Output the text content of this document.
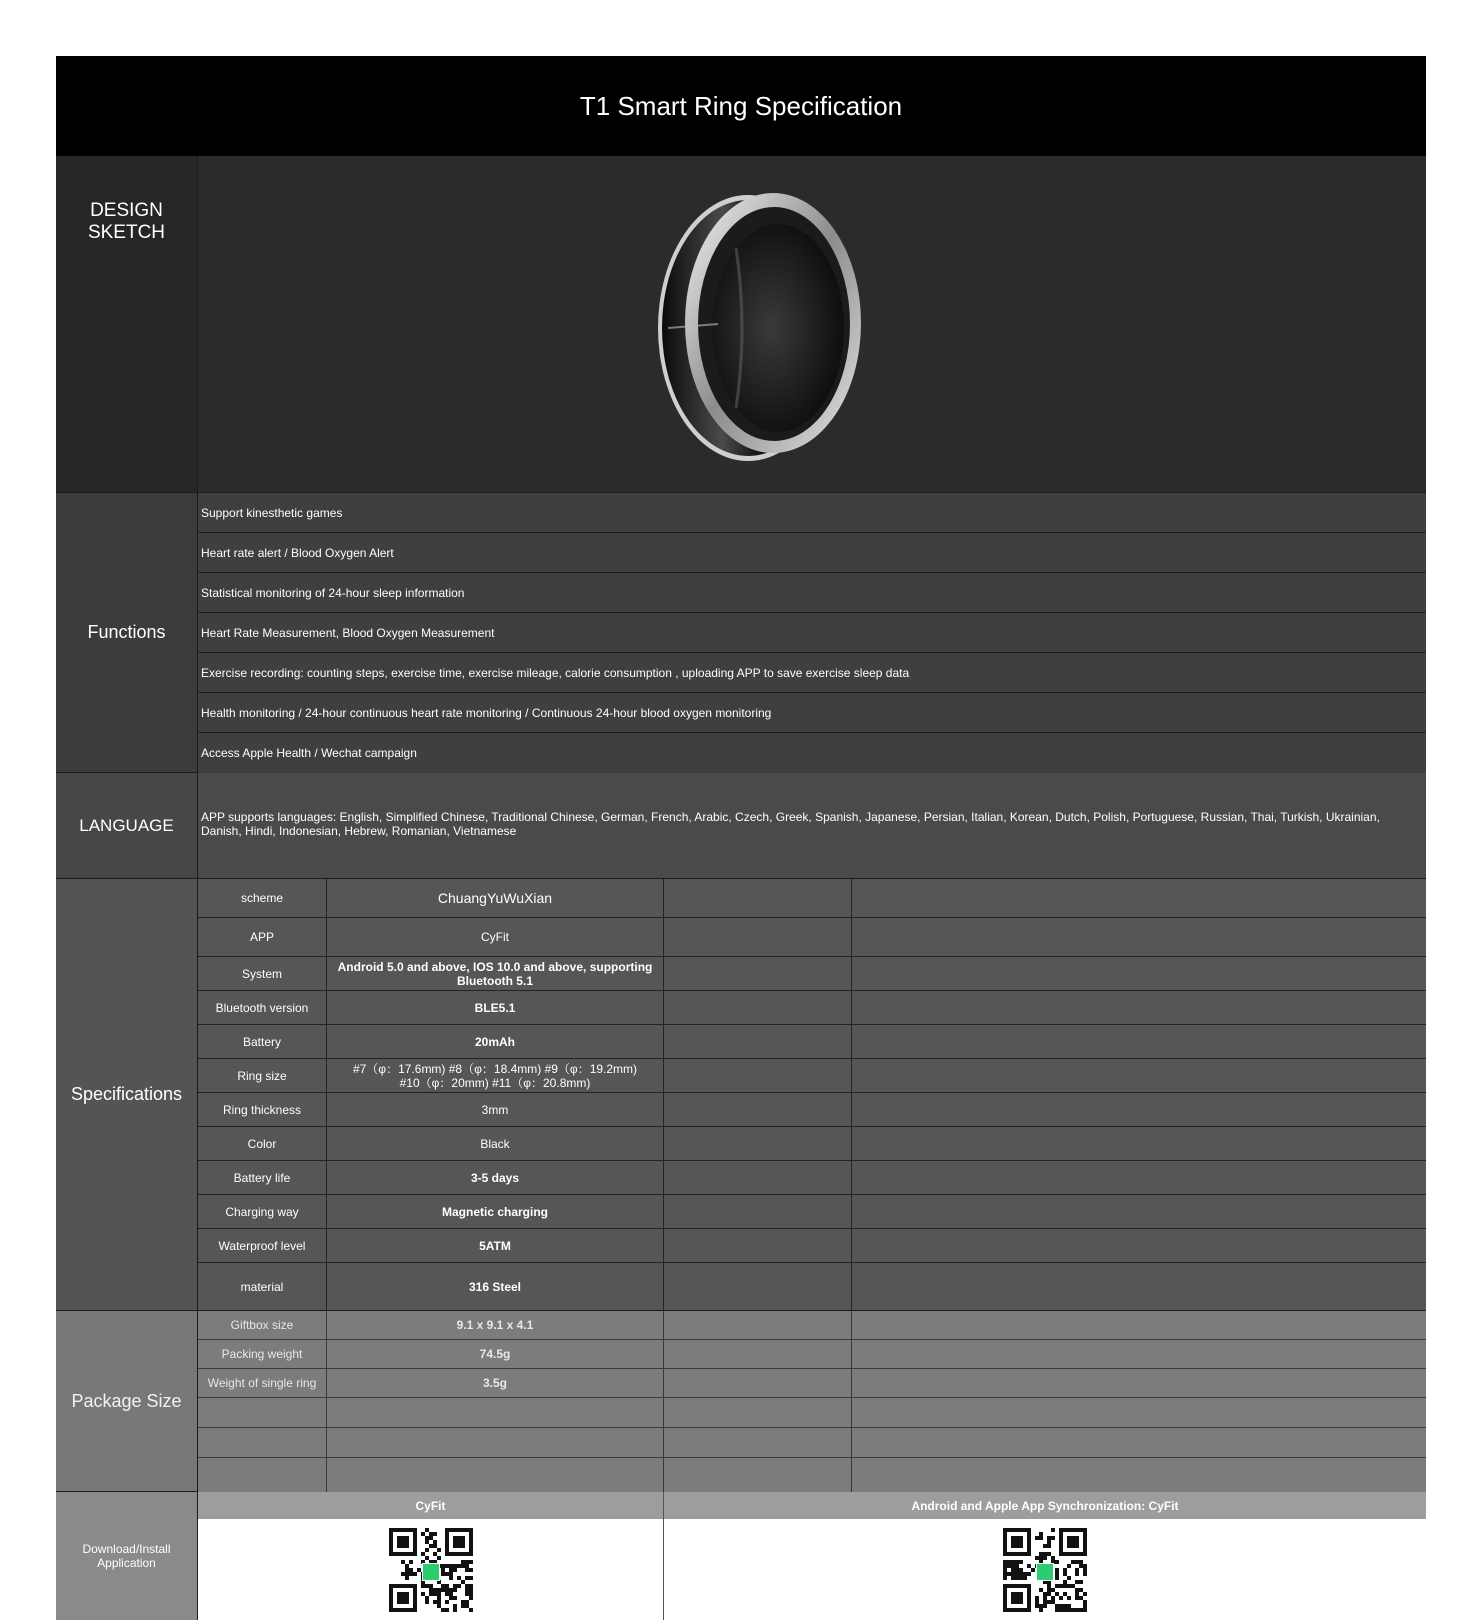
T1 Smart Ring Specification
DESIGN
SKETCH
Functions
Support kinesthetic games
Heart rate alert / Blood Oxygen Alert
Statistical monitoring of 24-hour sleep information
Heart Rate Measurement, Blood Oxygen Measurement
Exercise recording: counting steps, exercise time, exercise mileage, calorie consumption , uploading APP to save exercise sleep data
Health monitoring / 24-hour continuous heart rate monitoring / Continuous 24-hour blood oxygen monitoring
Access Apple Health / Wechat campaign
LANGUAGE	APP supports languages: English, Simplified Chinese, Traditional Chinese, German, French, Arabic, Czech, Greek, Spanish, Japanese, Persian, Italian, Korean, Dutch, Polish, Portuguese, Russian, Thai, Turkish, Ukrainian, Danish, Hindi, Indonesian, Hebrew, Romanian, Vietnamese
Specifications
scheme	ChuangYuWuXian
APP	CyFit
System	Android 5.0 and above, IOS 10.0 and above, supporting Bluetooth 5.1
Bluetooth version	BLE5.1
Battery	20mAh
Ring size	#7（φ：17.6mm) #8（φ：18.4mm) #9（φ：19.2mm)
#10（φ：20mm) #11（φ：20.8mm)
Ring thickness	3mm
Color	Black
Battery life	3-5 days
Charging way	Magnetic charging
Waterproof level	5ATM
material	316 Steel
Package Size
Giftbox size	9.1 x 9.1 x 4.1
Packing weight	74.5g
Weight of single ring	3.5g
Download/Install
Application
CyFit	Android and Apple App Synchronization: CyFit
